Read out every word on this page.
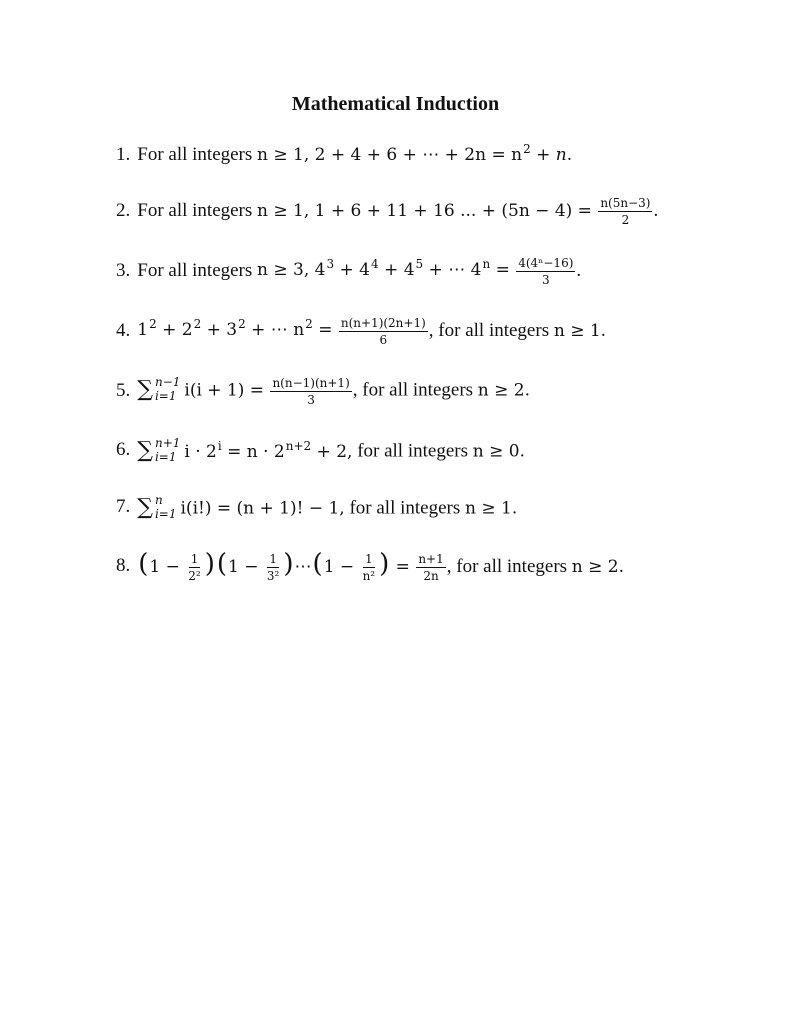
Mathematical Induction
1. For all integers n ≥ 1, 2 + 4 + 6 + ⋯ + $2n = n^2 + n$.
2. For all integers n ≥ 1, 1 + 6 + 11 + 16 ... + $(5n - 4) = \frac{n(5n-3)}{2}$ .
3. For all integers n ≥ 3, $4^3 + 4^4 + 4^5$ + ⋯ $4^n = \frac{\text{4(4ⁿ−16)}}{3}$ .
4. $1^2 + 2^2 + 3^2$ + ⋯ $n^2 = \frac{n(n+1)(2n+1)}{6}$ , for all integers n ≥ 1.
5. ∑ n−1
i=1 $i(i + 1) = \frac{n(n-1)(n+1)}{3}$ , for all integers n ≥ 2.
6. ∑ n+1
i=1 $i \cdot 2^i = n \cdot 2^{n+2} + 2$, for all integers n ≥ 0.
7. ∑ n
i=1 i(i!) = (n + 1)! − 1, for all integers n ≥ 1.
8. $(1 - \frac{1}{\text{2²}} )(1 - \frac{1}{\text{3²}}$ )⋯(1 − $\frac{1}{\text{n²}}$ ) = $\frac{n+1}{2n}$ , for all integers n ≥ 2.
